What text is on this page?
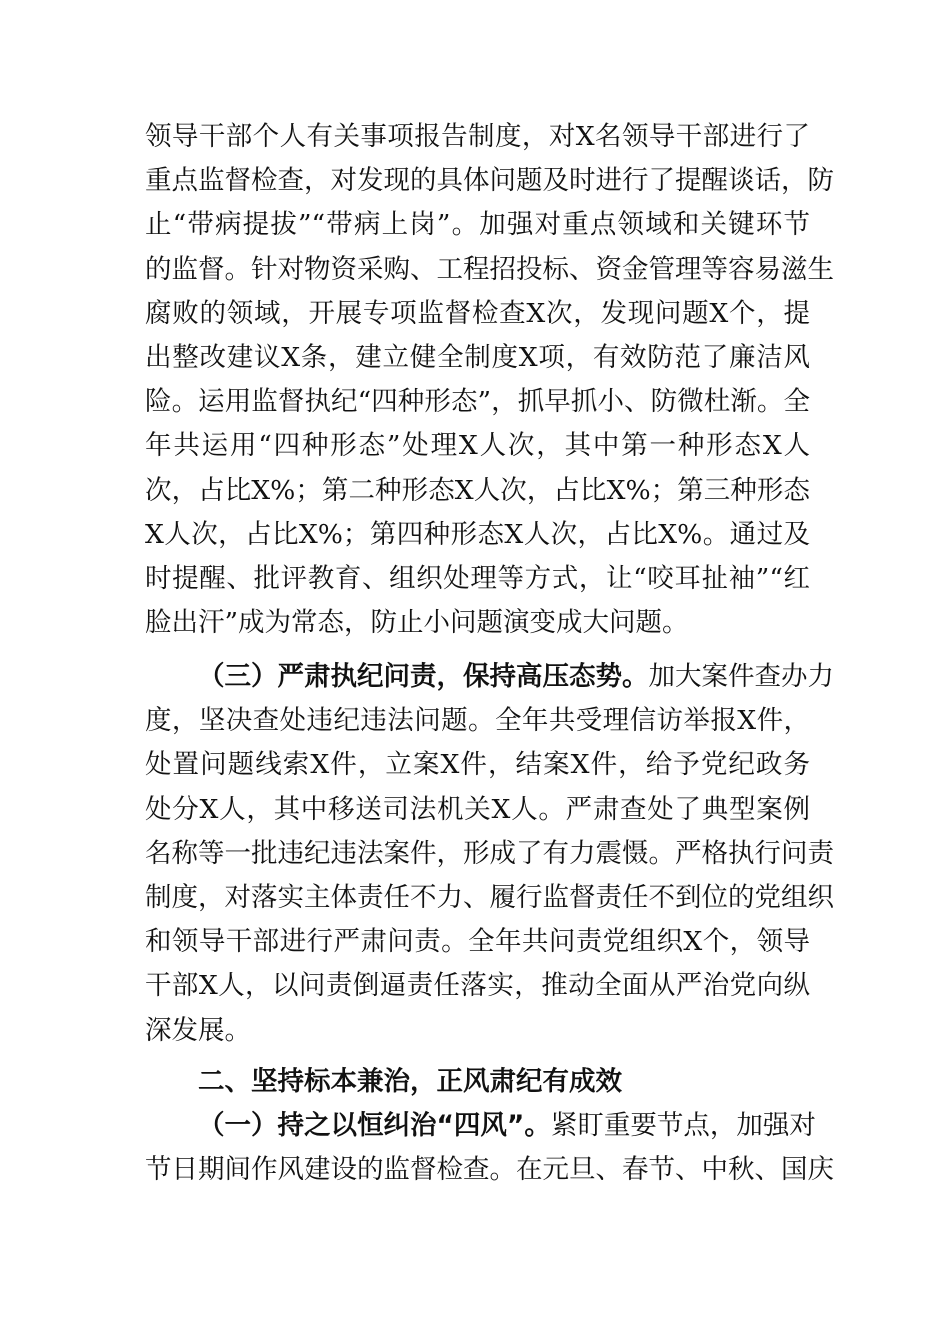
领导干部个人有关事项报告制度，对X名领导干部进行了
重点监督检查，对发现的具体问题及时进行了提醒谈话，防
止“带病提拔”“带病上岗”。加强对重点领域和关键环节
的监督。针对物资采购、工程招投标、资金管理等容易滋生
腐败的领域，开展专项监督检查X次，发现问题X个，提
出整改建议X条，建立健全制度X项，有效防范了廉洁风
险。运用监督执纪“四种形态”，抓早抓小、防微杜渐。全
年共运用“四种形态”处理X人次，其中第一种形态X人
次，占比X%；第二种形态X人次，占比X%；第三种形态
X人次，占比X%；第四种形态X人次，占比X%。通过及
时提醒、批评教育、组织处理等方式，让“咬耳扯袖”“红
脸出汗”成为常态，防止小问题演变成大问题。
（三）严肃执纪问责，保持高压态势。加大案件查办力
度，坚决查处违纪违法问题。全年共受理信访举报X件，
处置问题线索X件，立案X件，结案X件，给予党纪政务
处分X人，其中移送司法机关X人。严肃查处了典型案例
名称等一批违纪违法案件，形成了有力震慑。严格执行问责
制度，对落实主体责任不力、履行监督责任不到位的党组织
和领导干部进行严肃问责。全年共问责党组织X个，领导
干部X人，以问责倒逼责任落实，推动全面从严治党向纵
深发展。
二、坚持标本兼治，正风肃纪有成效
（一）持之以恒纠治“四风”。紧盯重要节点，加强对
节日期间作风建设的监督检查。在元旦、春节、中秋、国庆
